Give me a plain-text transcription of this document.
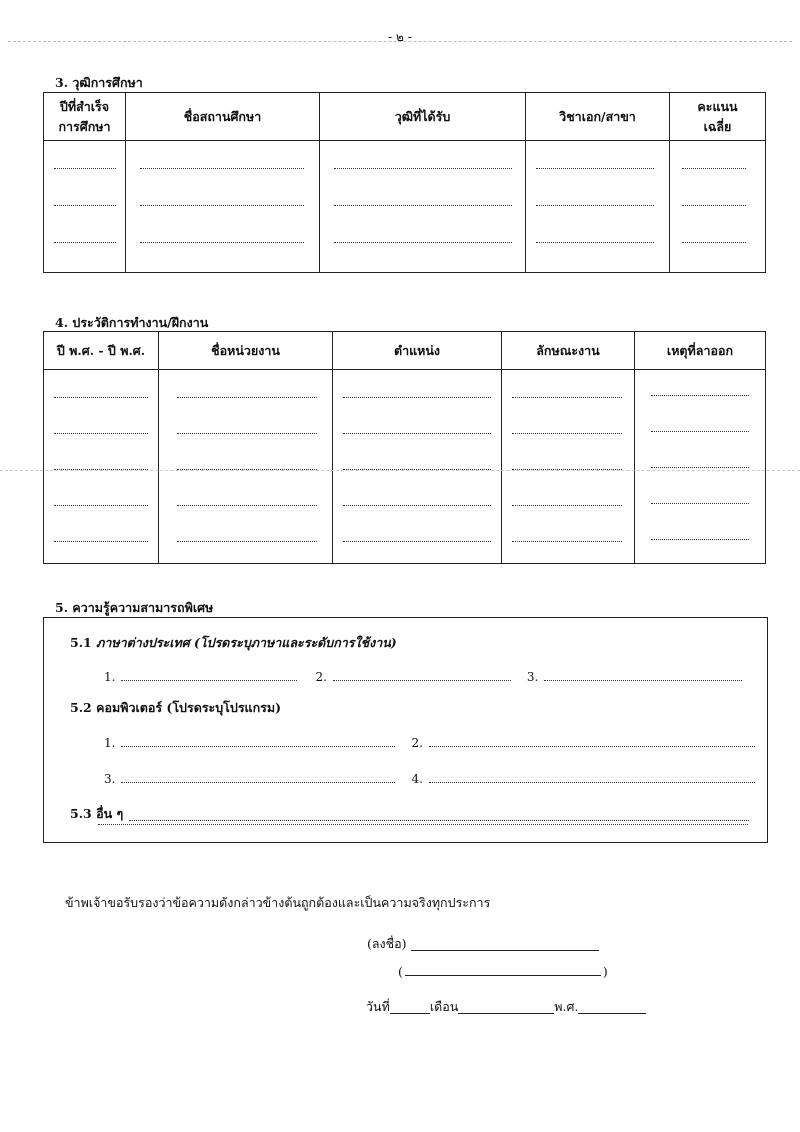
- ๒ -
3. วุฒิการศึกษา
ปีที่สำเร็จ
การศึกษา	ชื่อสถานศึกษา	วุฒิที่ได้รับ	วิชาเอก/สาขา	คะแนน
เฉลี่ย

4. ประวัติการทำงาน/ฝึกงาน
ปี พ.ศ. - ปี พ.ศ.	ชื่อหน่วยงาน	ตำแหน่ง	ลักษณะงาน	เหตุที่ลาออก

5. ความรู้ความสามารถพิเศษ
5.1 ภาษาต่างประเทศ (โปรดระบุภาษาและระดับการใช้งาน)
1.	2.	3.
5.2 คอมพิวเตอร์ (โปรดระบุโปรแกรม)
1.	2.
3.	4.
5.3 อื่น ๆ
ข้าพเจ้าขอรับรองว่าข้อความดังกล่าวข้างต้นถูกต้องและเป็นความจริงทุกประการ
(ลงชื่อ)
(	)
วันที่	เดือน	พ.ศ.
